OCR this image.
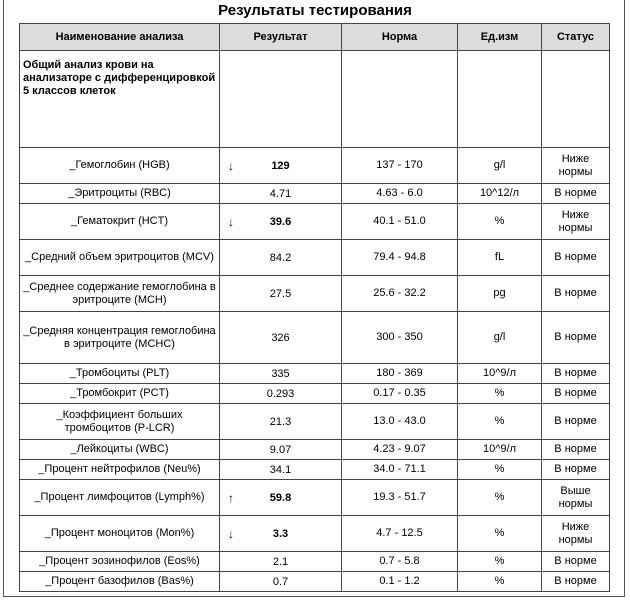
Результаты тестирования
Наименование анализа	Результат	Норма	Ед.изм	Статус
Общий анализ крови на анализаторе с дифференцировкой 5 классов клеток				
_Гемоглобин (HGB)	↓ 129	137 - 170	g/l	Ниже нормы
_Эритроциты (RBC)	4.71	4.63 - 6.0	10^12/л	В норме
_Гематокрит (HCT)	↓ 39.6	40.1 - 51.0	%	Ниже нормы
_Средний объем эритроцитов (MCV)	84.2	79.4 - 94.8	fL	В норме
_Среднее содержание гемоглобина в эритроците (MCH)	27.5	25.6 - 32.2	pg	В норме
_Средняя концентрация гемоглобина в эритроците (MCHC)	326	300 - 350	g/l	В норме
_Тромбоциты (PLT)	335	180 - 369	10^9/л	В норме
_Тромбокрит (PCT)	0.293	0.17 - 0.35	%	В норме
_Коэффициент больших тромбоцитов (P-LCR)	21.3	13.0 - 43.0	%	В норме
_Лейкоциты (WBC)	9.07	4.23 - 9.07	10^9/л	В норме
_Процент нейтрофилов (Neu%)	34.1	34.0 - 71.1	%	В норме
_Процент лимфоцитов (Lymph%)	↑ 59.8	19.3 - 51.7	%	Выше нормы
_Процент моноцитов (Mon%)	↓ 3.3	4.7 - 12.5	%	Ниже нормы
_Процент эозинофилов (Eos%)	2.1	0.7 - 5.8	%	В норме
_Процент базофилов (Bas%)	0.7	0.1 - 1.2	%	В норме
